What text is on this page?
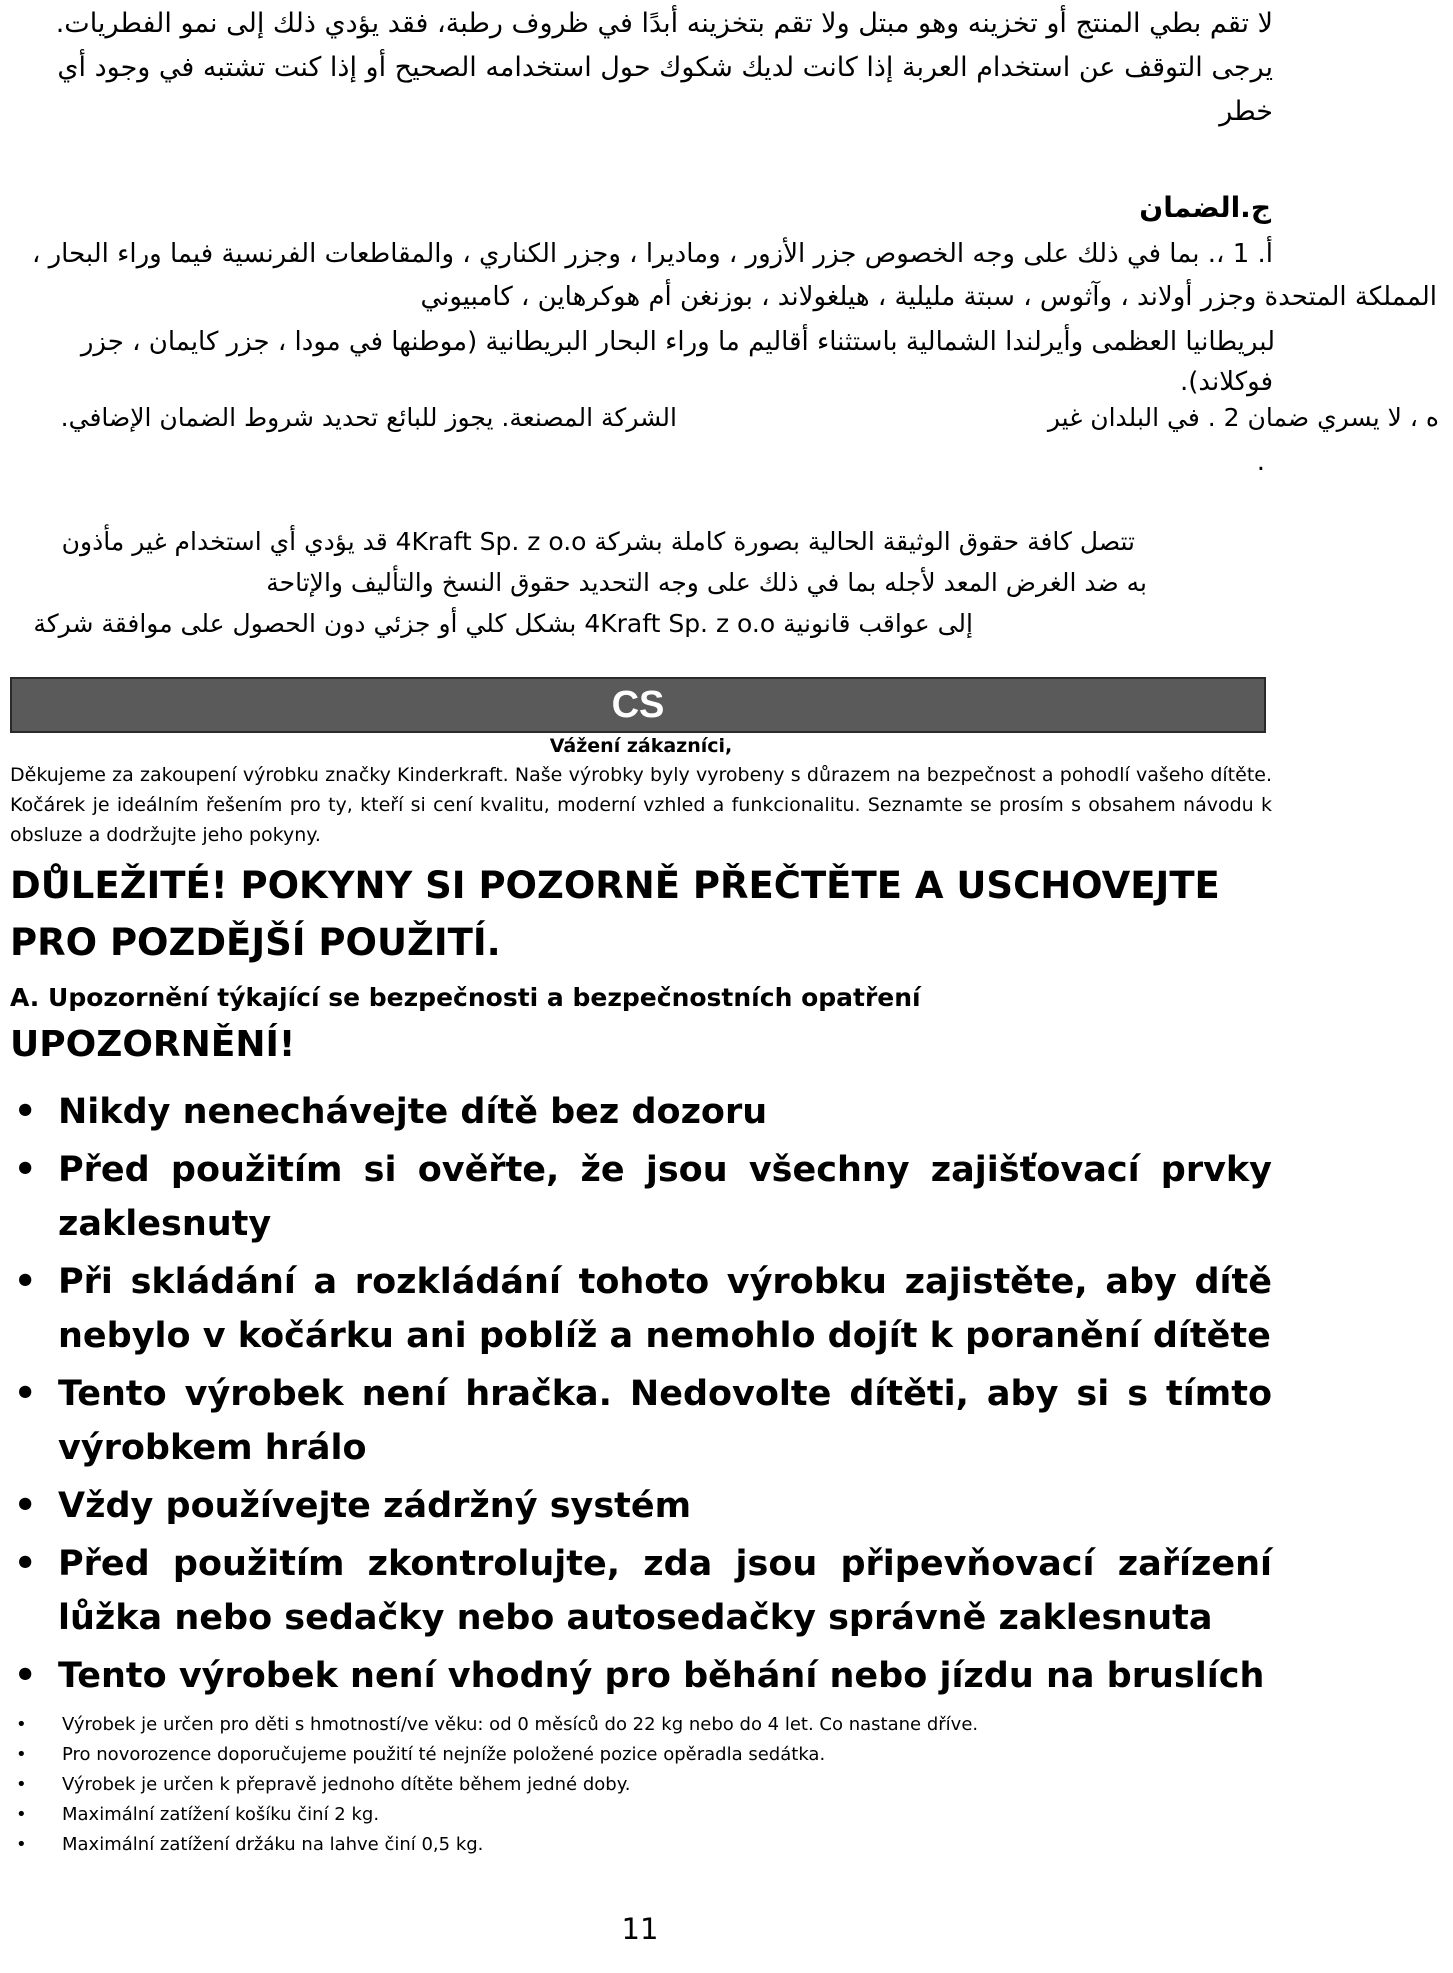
لا تقم بطي المنتج أو تخزينه وهو مبتل ولا تقم بتخزينه أبدًا في ظروف رطبة، فقد يؤدي ذلك إلى نمو الفطريات. يرجى التوقف عن استخدام العربة إذا كانت لديك شكوك حول استخدامه الصحيح أو إذا كنت تشتبه في وجود أي خطر
ج.الضمان
أ. 1 ،. بما في ذلك على وجه الخصوص جزر الأزور ، وماديرا ، وجزر الكناري ، والمقاطعات الفرنسية فيما وراء البحار ،
المملكة المتحدة وجزر أولاند ، وآثوس ، سبتة مليلية ، هيلغولاند ، بوزنغن أم هوكرهاين ، كامبيوني
لبريطانيا العظمى وأيرلندا الشمالية باستثناء أقاليم ما وراء البحار البريطانية (موطنها في مودا ، جزر كايمان ، جزر
فوكلاند).
الشركة المصنعة. يجوز للبائع تحديد شروط الضمان الإضافي.	ه ، لا يسري ضمان 2 . في البلدان غير
.
تتصل كافة حقوق الوثيقة الحالية بصورة كاملة بشركة 4Kraft Sp. z o.o قد يؤدي أي استخدام غير مأذون
به ضد الغرض المعد لأجله بما في ذلك على وجه التحديد حقوق النسخ والتأليف والإتاحة
إلى عواقب قانونية 4Kraft Sp. z o.o بشكل كلي أو جزئي دون الحصول على موافقة شركة
CS
Vážení zákazníci,
Děkujeme za zakoupení výrobku značky Kinderkraft. Naše výrobky byly vyrobeny s důrazem na bezpečnost a pohodlí vašeho dítěte. Kočárek je ideálním řešením pro ty, kteří si cení kvalitu, moderní vzhled a funkcionalitu. Seznamte se prosím s obsahem návodu k obsluze a dodržujte jeho pokyny.
DŮLEŽITÉ! POKYNY SI POZORNĚ PŘEČTĚTE A USCHOVEJTE PRO POZDĚJŠÍ POUŽITÍ.
A. Upozornění týkající se bezpečnosti a bezpečnostních opatření
UPOZORNĚNÍ!
• Nikdy nenechávejte dítě bez dozoru
• Před použitím si ověřte, že jsou všechny zajišťovací prvky zaklesnuty
• Při skládání a rozkládání tohoto výrobku zajistěte, aby dítě nebylo v kočárku ani poblíž a nemohlo dojít k poranění dítěte
• Tento výrobek není hračka. Nedovolte dítěti, aby si s tímto výrobkem hrálo
• Vždy používejte zádržný systém
• Před použitím zkontrolujte, zda jsou připevňovací zařízení lůžka nebo sedačky nebo autosedačky správně zaklesnuta
• Tento výrobek není vhodný pro běhání nebo jízdu na bruslích
• Výrobek je určen pro děti s hmotností/ve věku: od 0 měsíců do 22 kg nebo do 4 let. Co nastane dříve.
• Pro novorozence doporučujeme použití té nejníže položené pozice opěradla sedátka.
• Výrobek je určen k přepravě jednoho dítěte během jedné doby.
• Maximální zatížení košíku činí 2 kg.
• Maximální zatížení držáku na lahve činí 0,5 kg.
11
